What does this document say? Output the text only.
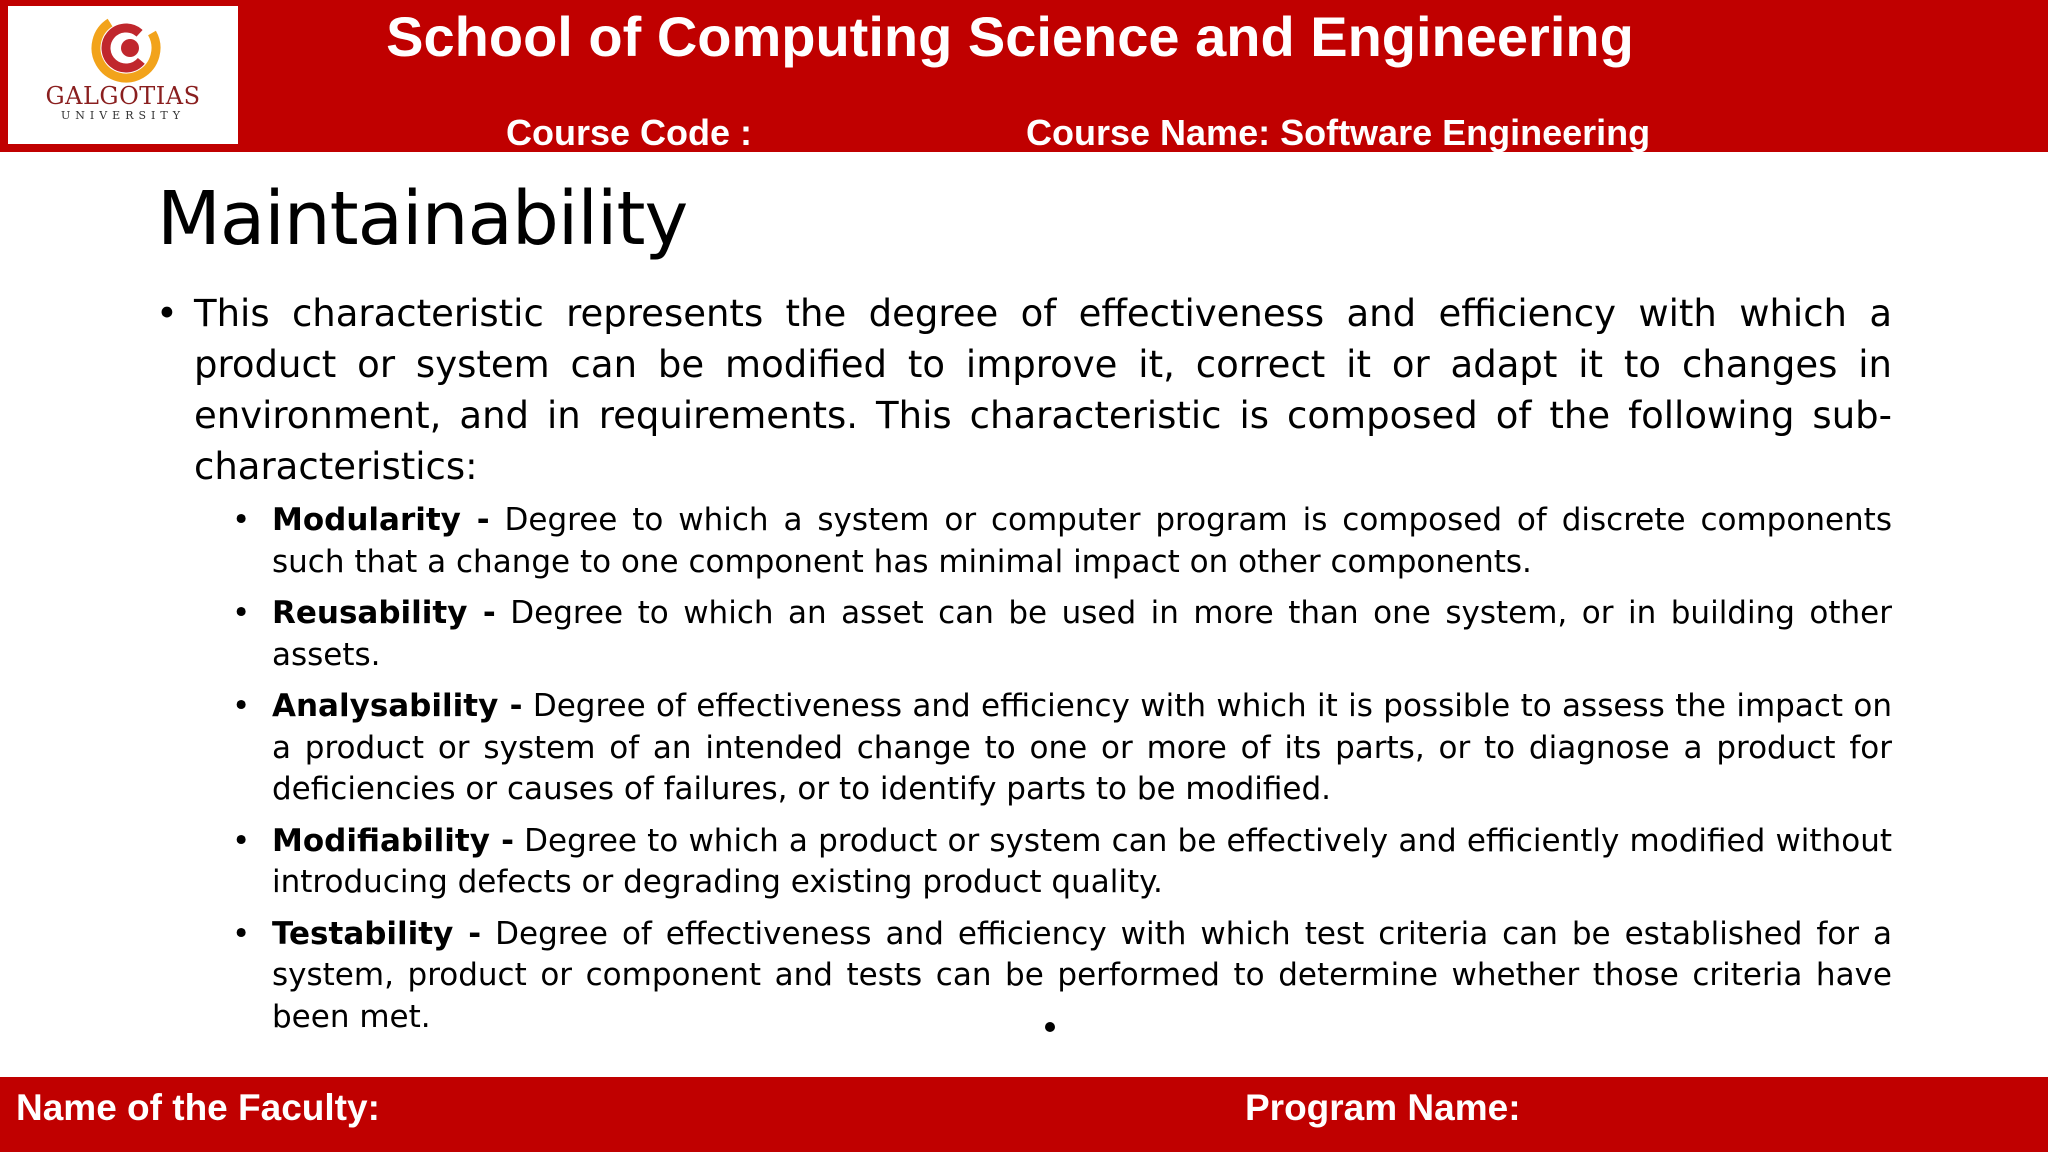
GALGOTIAS
UNIVERSITY
School of Computing Science and Engineering
Course Code :	Course Name: Software Engineering
Maintainability
• This characteristic represents the degree of effectiveness and efficiency with which a product or system can be modified to improve it, correct it or adapt it to changes in environment, and in requirements. This characteristic is composed of the following sub-characteristics:
• Modularity - Degree to which a system or computer program is composed of discrete components such that a change to one component has minimal impact on other components.
• Reusability - Degree to which an asset can be used in more than one system, or in building other assets.
• Analysability - Degree of effectiveness and efficiency with which it is possible to assess the impact on a product or system of an intended change to one or more of its parts, or to diagnose a product for deficiencies or causes of failures, or to identify parts to be modified.
• Modifiability - Degree to which a product or system can be effectively and efficiently modified without introducing defects or degrading existing product quality.
• Testability - Degree of effectiveness and efficiency with which test criteria can be established for a system, product or component and tests can be performed to determine whether those criteria have been met.
Name of the Faculty:	Program Name:
